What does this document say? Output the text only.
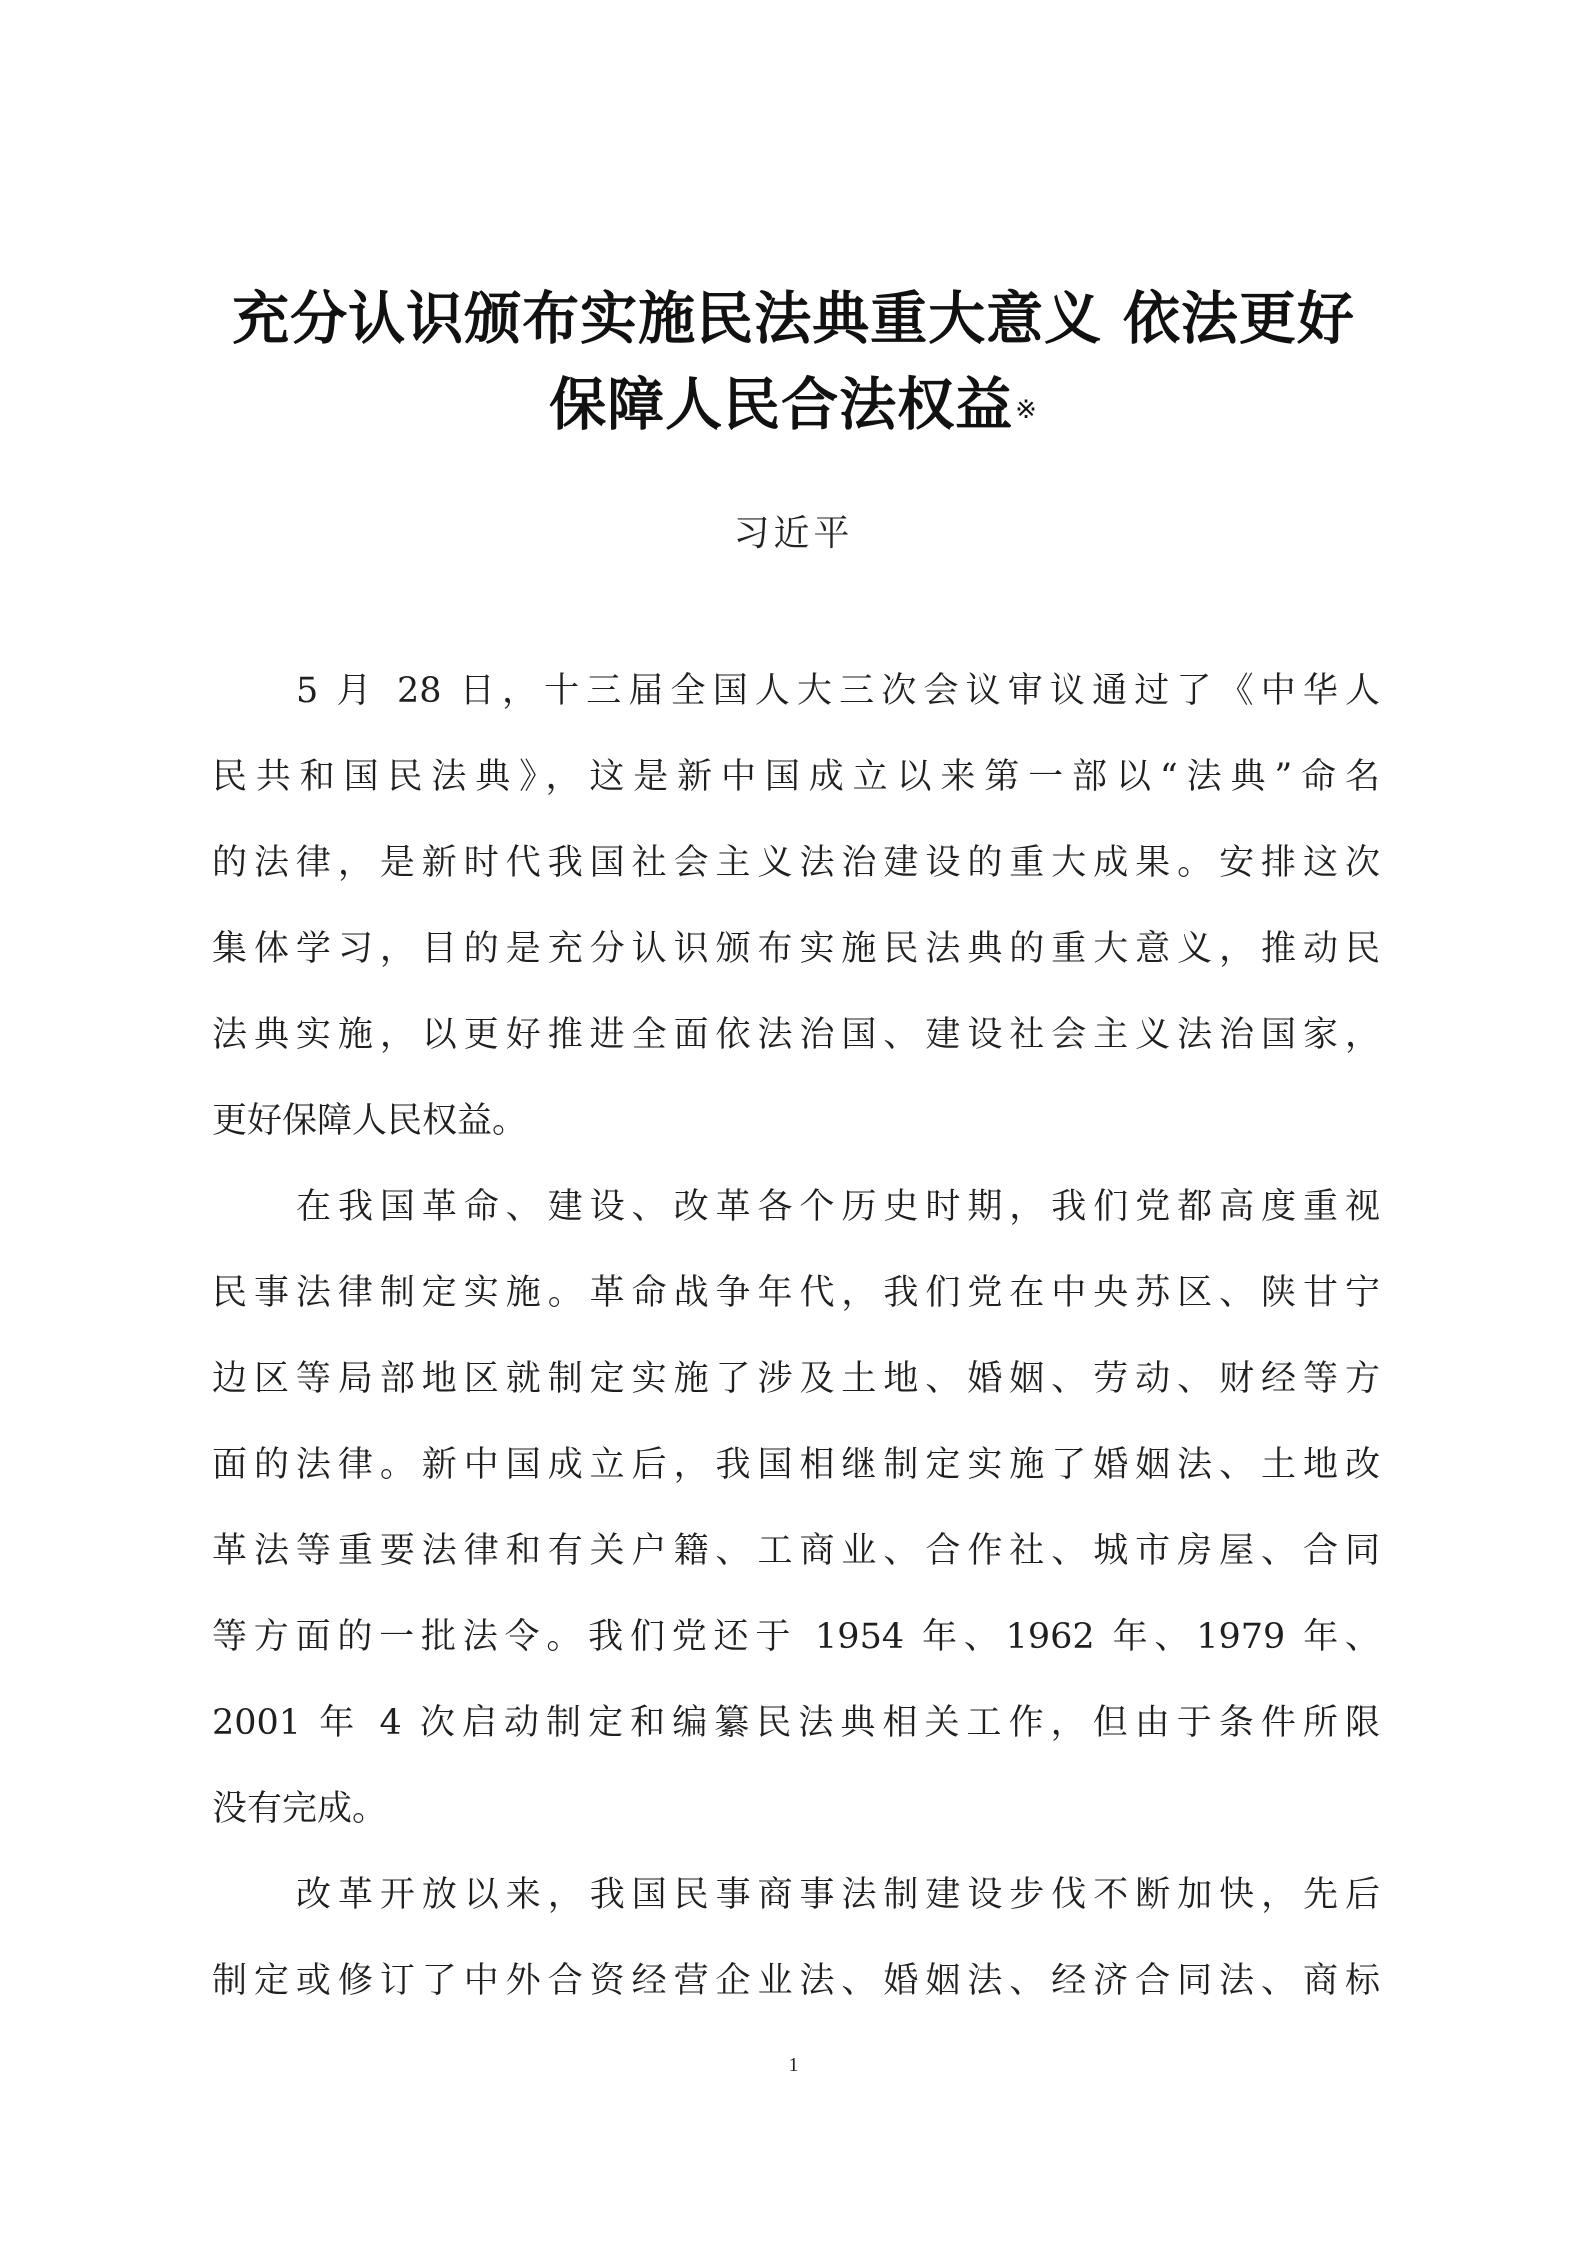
充分认识颁布实施民法典重大意义 依法更好
保障人民合法权益※
习近平
5 月 28 日，十三届全国人大三次会议审议通过了《中华人
民共和国民法典》，这是新中国成立以来第一部以“法典”命名
的法律，是新时代我国社会主义法治建设的重大成果。安排这次
集体学习，目的是充分认识颁布实施民法典的重大意义，推动民
法典实施，以更好推进全面依法治国、建设社会主义法治国家，
更好保障人民权益。
在我国革命、建设、改革各个历史时期，我们党都高度重视
民事法律制定实施。革命战争年代，我们党在中央苏区、陕甘宁
边区等局部地区就制定实施了涉及土地、婚姻、劳动、财经等方
面的法律。新中国成立后，我国相继制定实施了婚姻法、土地改
革法等重要法律和有关户籍、工商业、合作社、城市房屋、合同
等方面的一批法令。我们党还于 1954 年、1962 年、1979 年、
2001 年 4 次启动制定和编纂民法典相关工作，但由于条件所限
没有完成。
改革开放以来，我国民事商事法制建设步伐不断加快，先后
制定或修订了中外合资经营企业法、婚姻法、经济合同法、商标
1
